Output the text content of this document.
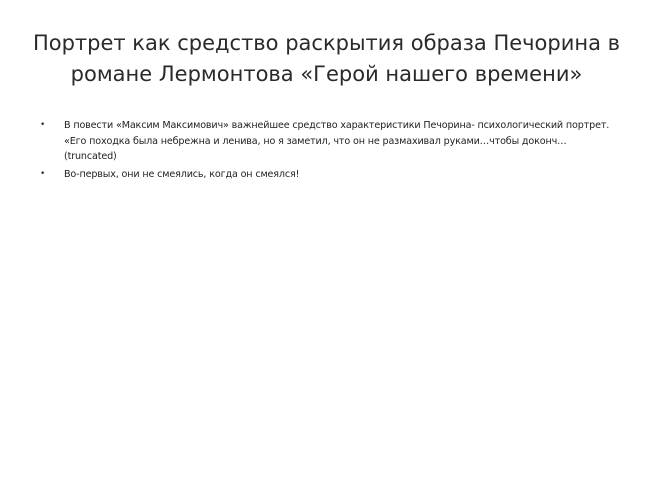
Портрет как средство раскрытия образа Печорина в
романе Лермонтова «Герой нашего времени»
• В повести «Максим Максимович» важнейшее средство характеристики Печорина- психологический портрет. «Его походка была небрежна и ленива, но я заметил, что он не размахивал руками…чтобы доконч… (truncated)
• Во-первых, они не смеялись, когда он смеялся!
